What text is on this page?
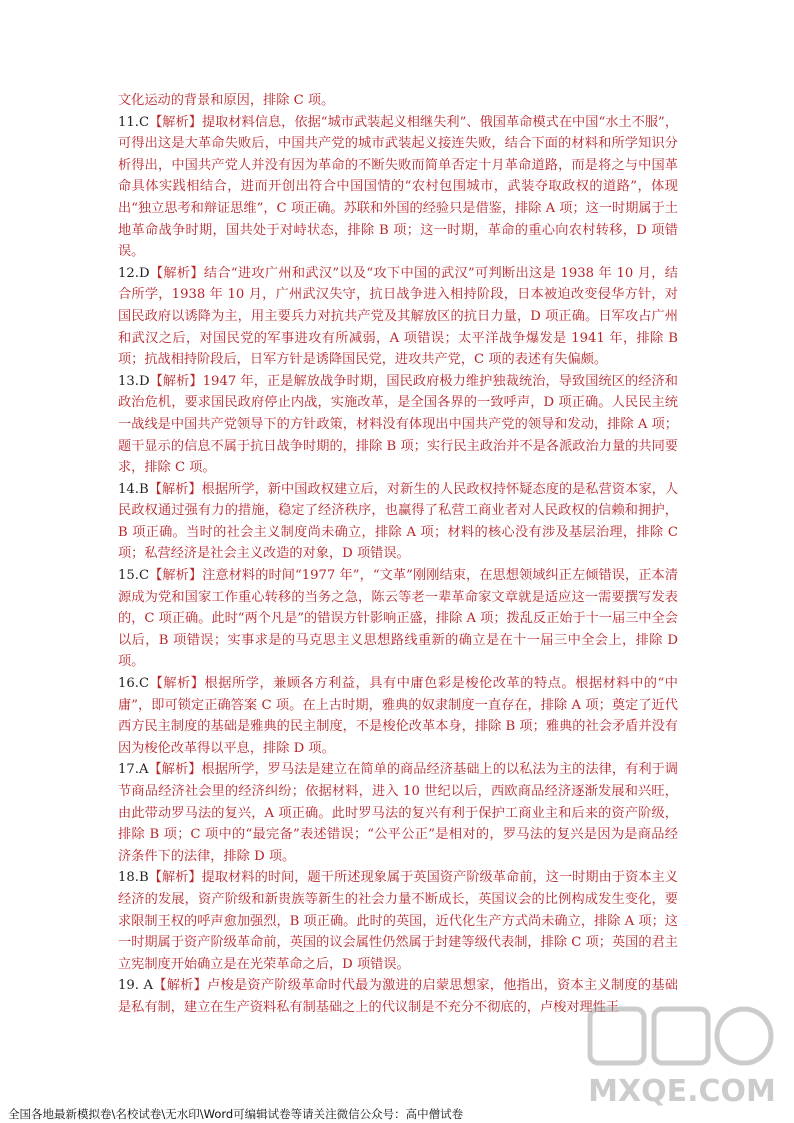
文化运动的背景和原因，排除 C 项。

11.C【解析】提取材料信息，依据“城市武装起义相继失利”、俄国革命模式在中国“水土不服”，可得出这是大革命失败后，中国共产党的城市武装起义接连失败，结合下面的材料和所学知识分析得出，中国共产党人并没有因为革命的不断失败而简单否定十月革命道路，而是将之与中国革命具体实践相结合，进而开创出符合中国国情的“农村包围城市，武装夺取政权的道路”，体现出“独立思考和辩证思维”，C 项正确。苏联和外国的经验只是借鉴，排除 A 项；这一时期属于土地革命战争时期，国共处于对峙状态，排除 B 项；这一时期，革命的重心向农村转移，D 项错误。

12.D【解析】结合“进攻广州和武汉”以及“攻下中国的武汉”可判断出这是 1938 年 10 月，结合所学，1938 年 10 月，广州武汉失守，抗日战争进入相持阶段，日本被迫改变侵华方针，对国民政府以诱降为主，用主要兵力对抗共产党及其解放区的抗日力量，D 项正确。日军攻占广州和武汉之后，对国民党的军事进攻有所减弱，A 项错误；太平洋战争爆发是 1941 年，排除 B 项；抗战相持阶段后，日军方针是诱降国民党，进攻共产党，C 项的表述有失偏颇。

13.D【解析】1947 年，正是解放战争时期，国民政府极力维护独裁统治，导致国统区的经济和政治危机，要求国民政府停止内战，实施改革，是全国各界的一致呼声，D 项正确。人民民主统一战线是中国共产党领导下的方针政策，材料没有体现出中国共产党的领导和发动，排除 A 项；题干显示的信息不属于抗日战争时期的，排除 B 项；实行民主政治并不是各派政治力量的共同要求，排除 C 项。

14.B【解析】根据所学，新中国政权建立后，对新生的人民政权持怀疑态度的是私营资本家，人民政权通过强有力的措施，稳定了经济秩序，也赢得了私营工商业者对人民政权的信赖和拥护，B 项正确。当时的社会主义制度尚未确立，排除 A 项；材料的核心没有涉及基层治理，排除 C 项；私营经济是社会主义改造的对象，D 项错误。

15.C【解析】注意材料的时间“1977 年”，“文革”刚刚结束，在思想领域纠正左倾错误，正本清源成为党和国家工作重心转移的当务之急，陈云等老一辈革命家文章就是适应这一需要撰写发表的，C 项正确。此时“两个凡是”的错误方针影响正盛，排除 A 项；拨乱反正始于十一届三中全会以后，B 项错误；实事求是的马克思主义思想路线重新的确立是在十一届三中全会上，排除 D 项。

16.C【解析】根据所学，兼顾各方利益，具有中庸色彩是梭伦改革的特点。根据材料中的“中庸”，即可锁定正确答案 C 项。在上古时期，雅典的奴隶制度一直存在，排除 A 项；奠定了近代西方民主制度的基础是雅典的民主制度，不是梭伦改革本身，排除 B 项；雅典的社会矛盾并没有因为梭伦改革得以平息，排除 D 项。

17.A【解析】根据所学，罗马法是建立在简单的商品经济基础上的以私法为主的法律，有利于调节商品经济社会里的经济纠纷；依据材料，进入 10 世纪以后，西欧商品经济逐渐发展和兴旺，由此带动罗马法的复兴，A 项正确。此时罗马法的复兴有利于保护工商业主和后来的资产阶级，排除 B 项；C 项中的“最完备”表述错误；“公平公正”是相对的，罗马法的复兴是因为是商品经济条件下的法律，排除 D 项。

18.B【解析】提取材料的时间，题干所述现象属于英国资产阶级革命前，这一时期由于资本主义经济的发展，资产阶级和新贵族等新生的社会力量不断成长，英国议会的比例构成发生变化，要求限制王权的呼声愈加强烈，B 项正确。此时的英国，近代化生产方式尚未确立，排除 A 项；这一时期属于资产阶级革命前，英国的议会属性仍然属于封建等级代表制，排除 C 项；英国的君主立宪制度开始确立是在光荣革命之后，D 项错误。

19. A【解析】卢梭是资产阶级革命时代最为激进的启蒙思想家，他指出，资本主义制度的基础是私有制，建立在生产资料私有制基础之上的代议制是不充分不彻底的，卢梭对理性王

全国各地最新模拟卷\名校试卷\无水印\Word可编辑试卷等请关注微信公众号：高中僧试卷
MXQE.COM
